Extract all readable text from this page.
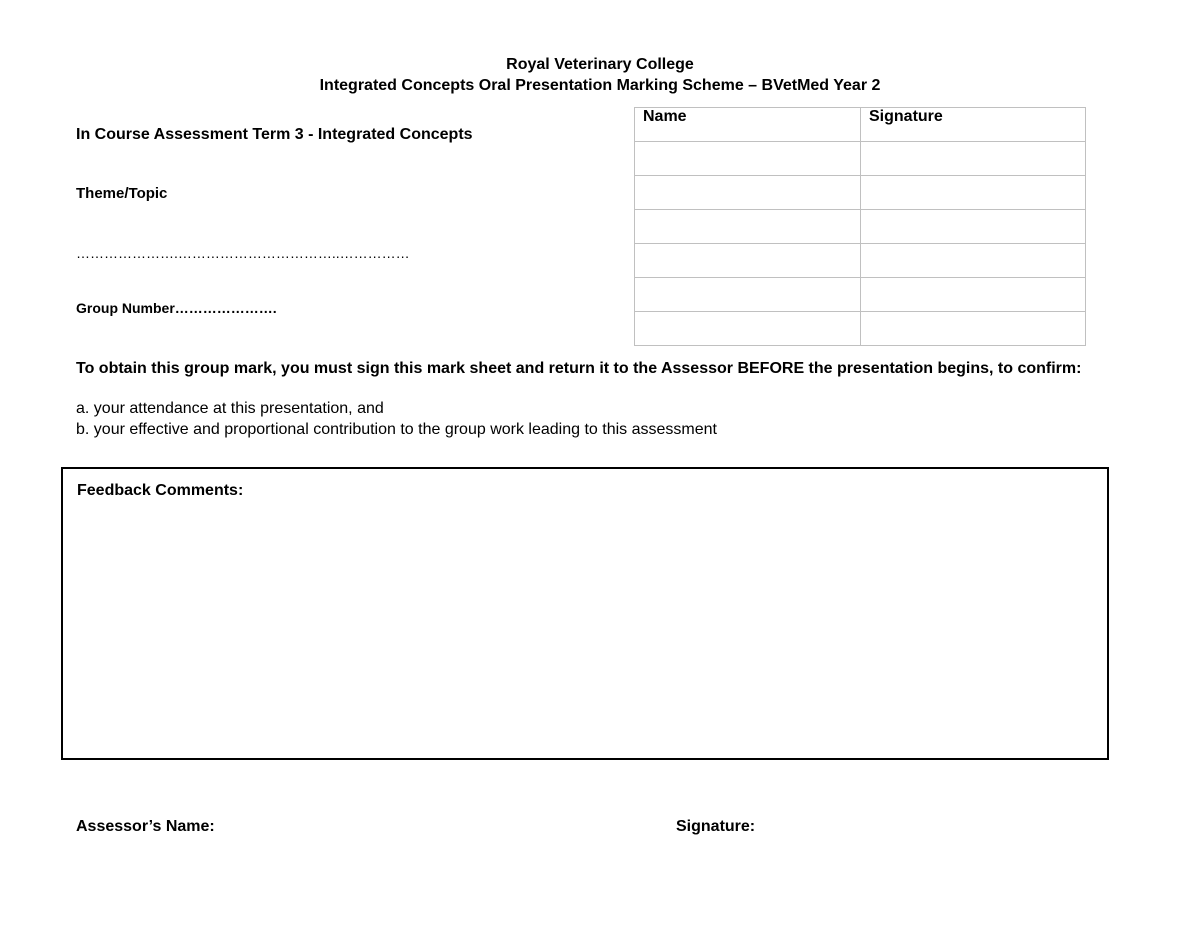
Royal Veterinary College
Integrated Concepts Oral Presentation Marking Scheme – BVetMed Year 2
In Course Assessment Term 3 - Integrated Concepts
Theme/Topic
………………….……………………………..……………
Group Number………………….
Name	Signature

To obtain this group mark, you must sign this mark sheet and return it to the Assessor BEFORE the presentation begins, to confirm:
a. your attendance at this presentation, and
b. your effective and proportional contribution to the group work leading to this assessment
Feedback Comments:
Assessor’s Name:	Signature:
